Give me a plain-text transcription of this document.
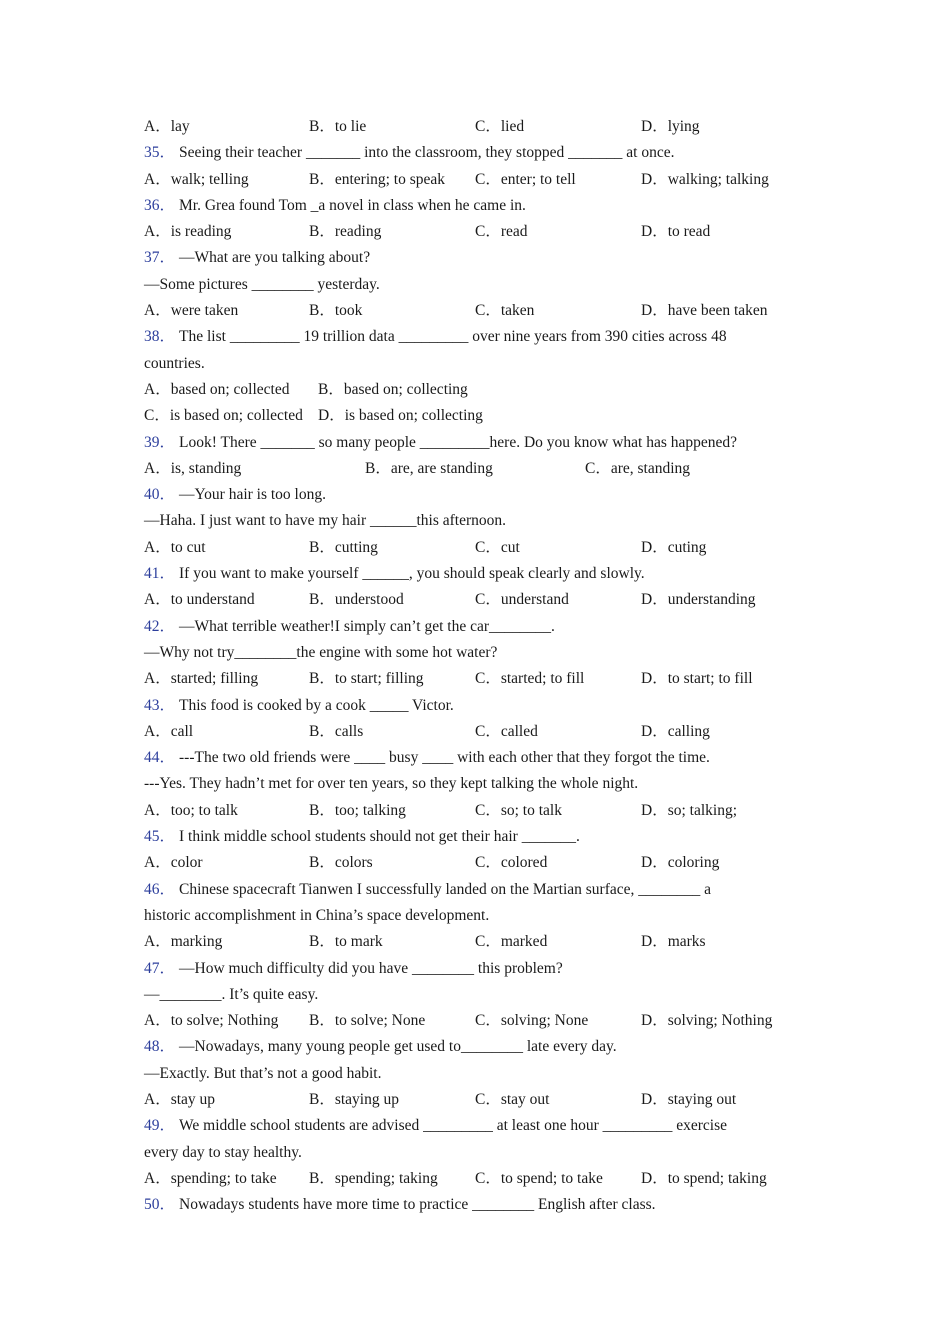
A．lay	B．to lie	C．lied	D．lying
35． Seeing their teacher _______ into the classroom, they stopped _______ at once.
A．walk; telling	B．entering; to speak C．enter; to tell	D．walking; talking
36． Mr. Grea found Tom _a novel in class when he came in.
A．is reading	B．reading	C．read	D．to read
37． —What are you talking about?
—Some pictures ________ yesterday.
A．were taken	B．took	C．taken	D．have been taken
38． The list _________ 19 trillion data _________ over nine years from 390 cities across 48
countries.
A．based on; collected B．based on; collecting
C．is based on; collected D．is based on; collecting
39． Look! There _______ so many people _________here. Do you know what has happened?
A．is, standing	B．are, are standing	C．are, standing
40． —Your hair is too long.
—Haha. I just want to have my hair ______this afternoon.
A．to cut	B．cutting	C．cut	D．cuting
41． If you want to make yourself ______, you should speak clearly and slowly.
A．to understand	B．understood	C．understand	D．understanding
42． —What terrible weather!I simply can’t get the car________.
—Why not try________the engine with some hot water?
A．started; filling	B．to start; filling	C．started; to fill	D．to start; to fill
43． This food is cooked by a cook _____ Victor.
A．call	B．calls	C．called	D．calling
44． ---The two old friends were ____ busy ____ with each other that they forgot the time.
---Yes. They hadn’t met for over ten years, so they kept talking the whole night.
A．too; to talk	B．too; talking	C．so; to talk	D．so; talking;
45． I think middle school students should not get their hair _______.
A．color	B．colors	C．colored	D．coloring
46． Chinese spacecraft Tianwen I successfully landed on the Martian surface, ________ a
historic accomplishment in China’s space development.
A．marking	B．to mark	C．marked	D．marks
47． —How much difficulty did you have ________ this problem?
—________. It’s quite easy.
A．to solve; Nothing B．to solve; None	C．solving; None	D．solving; Nothing
48． —Nowadays, many young people get used to________ late every day.
—Exactly. But that’s not a good habit.
A．stay up	B．staying up	C．stay out	D．staying out
49． We middle school students are advised _________ at least one hour _________ exercise
every day to stay healthy.
A．spending; to take B．spending; taking C．to spend; to take D．to spend; taking
50． Nowadays students have more time to practice ________ English after class.
